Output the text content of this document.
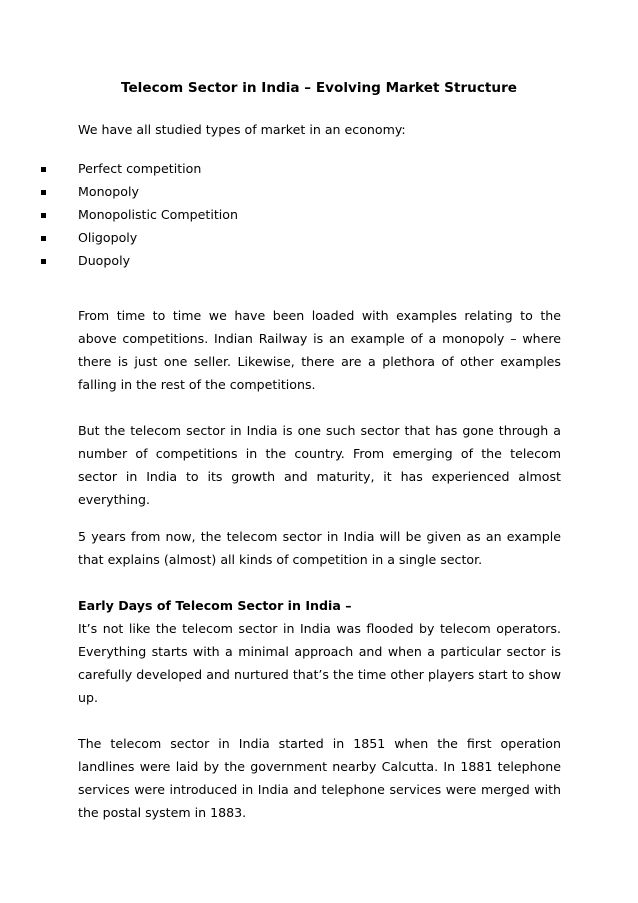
Telecom Sector in India – Evolving Market Structure

We have all studied types of market in an economy:

Perfect competition
Monopoly
Monopolistic Competition
Oligopoly
Duopoly

From time to time we have been loaded with examples relating to the above competitions. Indian Railway is an example of a monopoly – where there is just one seller. Likewise, there are a plethora of other examples falling in the rest of the competitions.

But the telecom sector in India is one such sector that has gone through a number of competitions in the country. From emerging of the telecom sector in India to its growth and maturity, it has experienced almost everything.

5 years from now, the telecom sector in India will be given as an example that explains (almost) all kinds of competition in a single sector.

Early Days of Telecom Sector in India –
It’s not like the telecom sector in India was flooded by telecom operators. Everything starts with a minimal approach and when a particular sector is carefully developed and nurtured that’s the time other players start to show up.

The telecom sector in India started in 1851 when the first operation landlines were laid by the government nearby Calcutta. In 1881 telephone services were introduced in India and telephone services were merged with the postal system in 1883.
